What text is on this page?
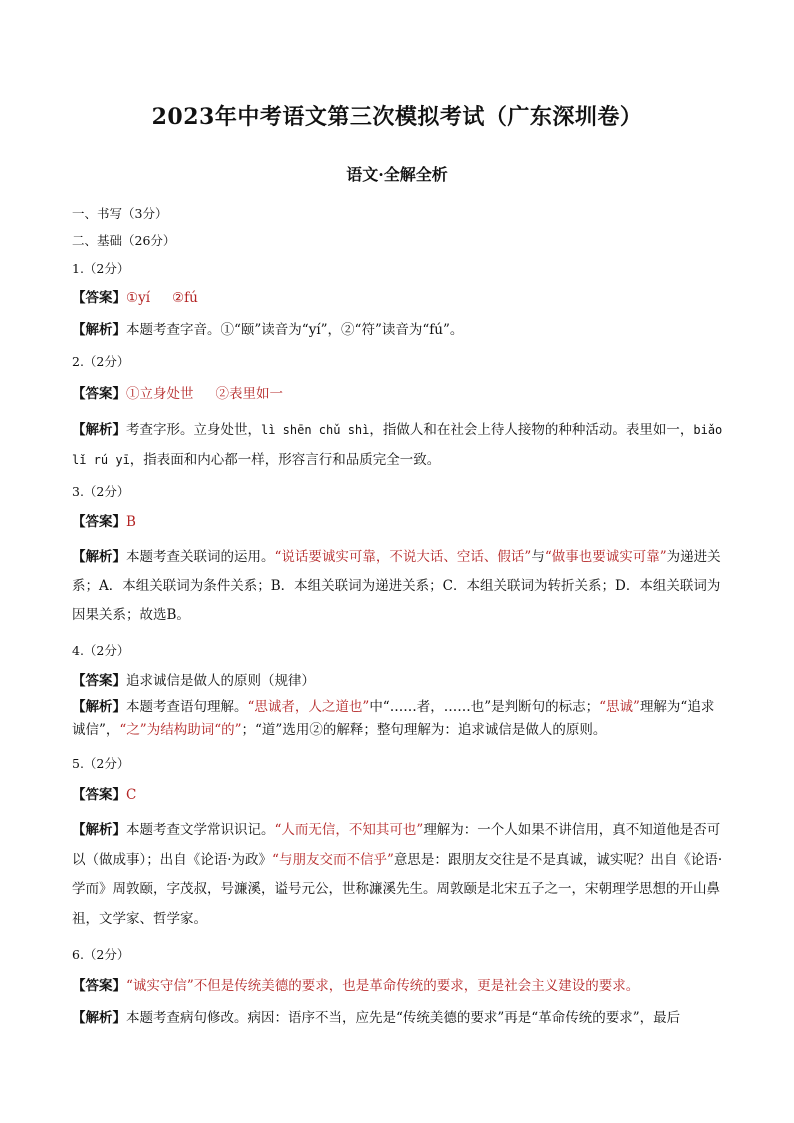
2023年中考语文第三次模拟考试（广东深圳卷）
语文·全解全析
一、书写（3分）
二、基础（26分）
1.（2分）
【答案】①yí ②fú
【解析】本题考查字音。①“颐”读音为“yí”，②“符”读音为“fú”。
2.（2分）
【答案】①立身处世 ②表里如一
【解析】考查字形。立身处世，lì shēn chǔ shì，指做人和在社会上待人接物的种种活动。表里如一，biǎo lǐ rú yī，指表面和内心都一样，形容言行和品质完全一致。
3.（2分）
【答案】B
【解析】本题考查关联词的运用。“说话要诚实可靠，不说大话、空话、假话”与“做事也要诚实可靠”为递进关系；A．本组关联词为条件关系；B．本组关联词为递进关系；C．本组关联词为转折关系；D．本组关联词为因果关系；故选B。
4.（2分）
【答案】追求诚信是做人的原则（规律）
【解析】本题考查语句理解。“思诚者，人之道也”中“……者，……也”是判断句的标志；“思诚”理解为“追求诚信”，“之”为结构助词“的”；“道”选用②的解释；整句理解为：追求诚信是做人的原则。
5.（2分）
【答案】C
【解析】本题考查文学常识识记。“人而无信，不知其可也”理解为：一个人如果不讲信用，真不知道他是否可以（做成事）；出自《论语·为政》“与朋友交而不信乎”意思是：跟朋友交往是不是真诚，诚实呢？出自《论语·学而》周敦颐，字茂叔，号濂溪，谥号元公，世称濂溪先生。周敦颐是北宋五子之一，宋朝理学思想的开山鼻祖，文学家、哲学家。
6.（2分）
【答案】“诚实守信”不但是传统美德的要求，也是革命传统的要求，更是社会主义建设的要求。
【解析】本题考查病句修改。病因：语序不当，应先是“传统美德的要求”再是“革命传统的要求”，最后
